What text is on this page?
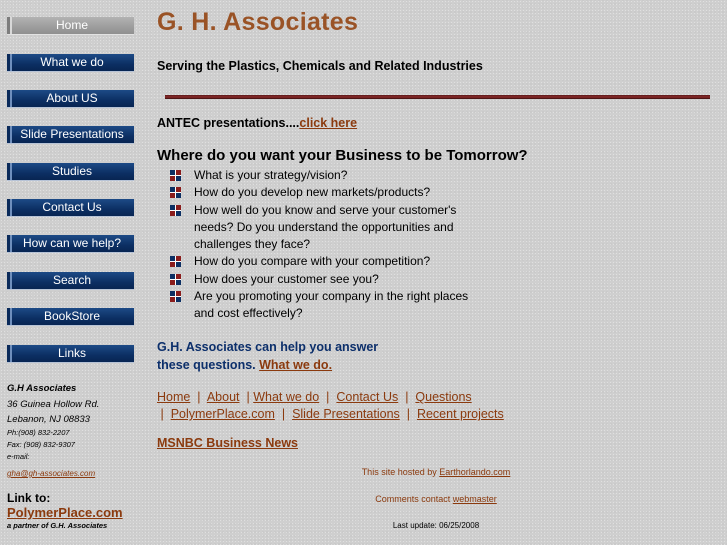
Home
What we do
About US
Slide Presentations
Studies
Contact Us
How can we help?
Search
BookStore
Links
G.H Associates
36 Guinea Hollow Rd.
Lebanon, NJ 08833
Ph:(908) 832-2207
Fax: (908) 832-9307
e-mail:
gha@gh-associates.com
Link to:
PolymerPlace.com
a partner of G.H. Associates
G. H. Associates
Serving the Plastics, Chemicals and Related Industries
ANTEC presentations....click here
Where do you want your Business to be Tomorrow?
What is your strategy/vision?
How do you develop new markets/products?
How well do you know and serve your customer's needs? Do you understand the opportunities and challenges they face?
How do you compare with your competition?
How does your customer see you?
Are you promoting your company in the right places and cost effectively?
G.H. Associates can help you answer
these questions. What we do.
Home  |  About  | What we do  |  Contact Us  |  Questions
|  PolymerPlace.com  |  Slide Presentations  |  Recent projects
MSNBC Business News
This site hosted by Earthorlando.com
Comments contact webmaster
Last update: 06/25/2008
